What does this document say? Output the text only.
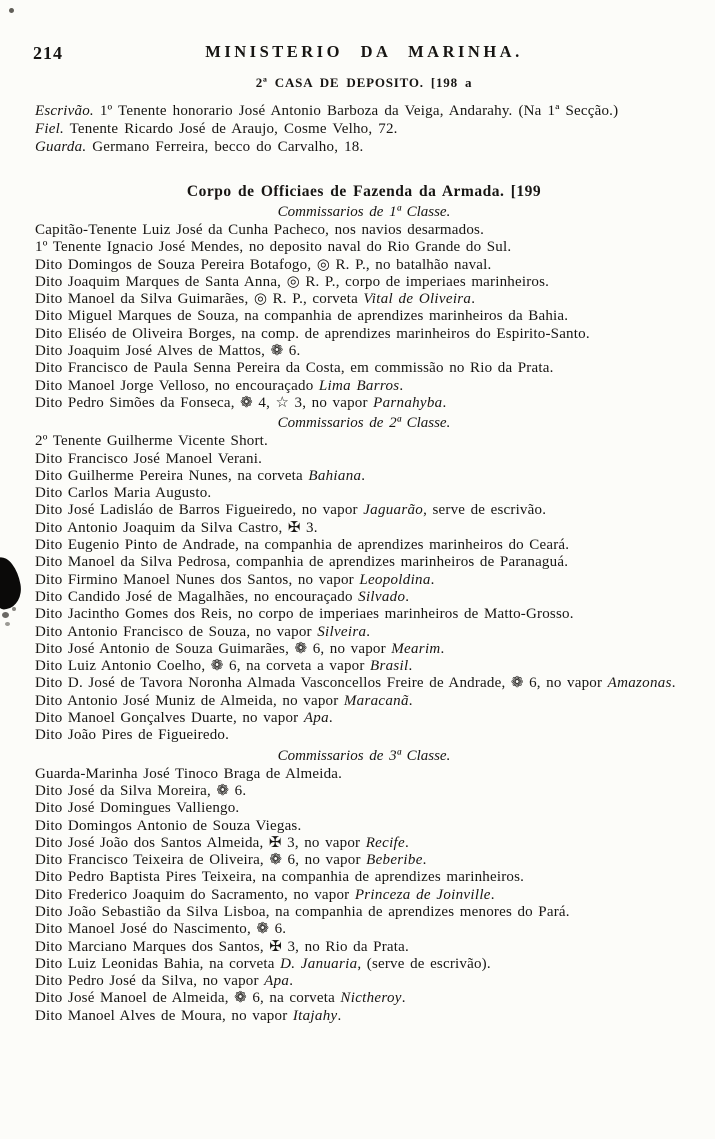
214	MINISTERIO DA MARINHA.
2ª CASA DE DEPOSITO. [198 a
Escrivão. 1º Tenente honorario José Antonio Barboza da Veiga, Andarahy. (Na 1ª Secção.)
Fiel. Tenente Ricardo José de Araujo, Cosme Velho, 72.
Guarda. Germano Ferreira, becco do Carvalho, 18.
Corpo de Officiaes de Fazenda da Armada. [199
Commissarios de 1ª Classe.
Capitão-Tenente Luiz José da Cunha Pacheco, nos navios desarmados.
1º Tenente Ignacio José Mendes, no deposito naval do Rio Grande do Sul.
Dito Domingos de Souza Pereira Botafogo, ◎ R. P., no batalhão naval.
Dito Joaquim Marques de Santa Anna, ◎ R. P., corpo de imperiaes marinheiros.
Dito Manoel da Silva Guimarães, ◎ R. P., corveta Vital de Oliveira.
Dito Miguel Marques de Souza, na companhia de aprendizes marinheiros da Bahia.
Dito Eliséo de Oliveira Borges, na comp. de aprendizes marinheiros do Espirito-Santo.
Dito Joaquim José Alves de Mattos, ❁ 6.
Dito Francisco de Paula Senna Pereira da Costa, em commissão no Rio da Prata.
Dito Manoel Jorge Velloso, no encouraçado Lima Barros.
Dito Pedro Simões da Fonseca, ❁ 4, ☆ 3, no vapor Parnahyba.
Commissarios de 2ª Classe.
2º Tenente Guilherme Vicente Short.
Dito Francisco José Manoel Verani.
Dito Guilherme Pereira Nunes, na corveta Bahiana.
Dito Carlos Maria Augusto.
Dito José Ladisláo de Barros Figueiredo, no vapor Jaguarão, serve de escrivão.
Dito Antonio Joaquim da Silva Castro, ✠ 3.
Dito Eugenio Pinto de Andrade, na companhia de aprendizes marinheiros do Ceará.
Dito Manoel da Silva Pedrosa, companhia de aprendizes marinheiros de Paranaguá.
Dito Firmino Manoel Nunes dos Santos, no vapor Leopoldina.
Dito Candido José de Magalhães, no encouraçado Silvado.
Dito Jacintho Gomes dos Reis, no corpo de imperiaes marinheiros de Matto-Grosso.
Dito Antonio Francisco de Souza, no vapor Silveira.
Dito José Antonio de Souza Guimarães, ❁ 6, no vapor Mearim.
Dito Luiz Antonio Coelho, ❁ 6, na corveta a vapor Brasil.
Dito D. José de Tavora Noronha Almada Vasconcellos Freire de Andrade, ❁ 6, no vapor Amazonas.
Dito Antonio José Muniz de Almeida, no vapor Maracanã.
Dito Manoel Gonçalves Duarte, no vapor Apa.
Dito João Pires de Figueiredo.
Commissarios de 3ª Classe.
Guarda-Marinha José Tinoco Braga de Almeida.
Dito José da Silva Moreira, ❁ 6.
Dito José Domingues Valliengo.
Dito Domingos Antonio de Souza Viegas.
Dito José João dos Santos Almeida, ✠ 3, no vapor Recife.
Dito Francisco Teixeira de Oliveira, ❁ 6, no vapor Beberibe.
Dito Pedro Baptista Pires Teixeira, na companhia de aprendizes marinheiros.
Dito Frederico Joaquim do Sacramento, no vapor Princeza de Joinville.
Dito João Sebastião da Silva Lisboa, na companhia de aprendizes menores do Pará.
Dito Manoel José do Nascimento, ❁ 6.
Dito Marciano Marques dos Santos, ✠ 3, no Rio da Prata.
Dito Luiz Leonidas Bahia, na corveta D. Januaria, (serve de escrivão).
Dito Pedro José da Silva, no vapor Apa.
Dito José Manoel de Almeida, ❁ 6, na corveta Nictheroy.
Dito Manoel Alves de Moura, no vapor Itajahy.
